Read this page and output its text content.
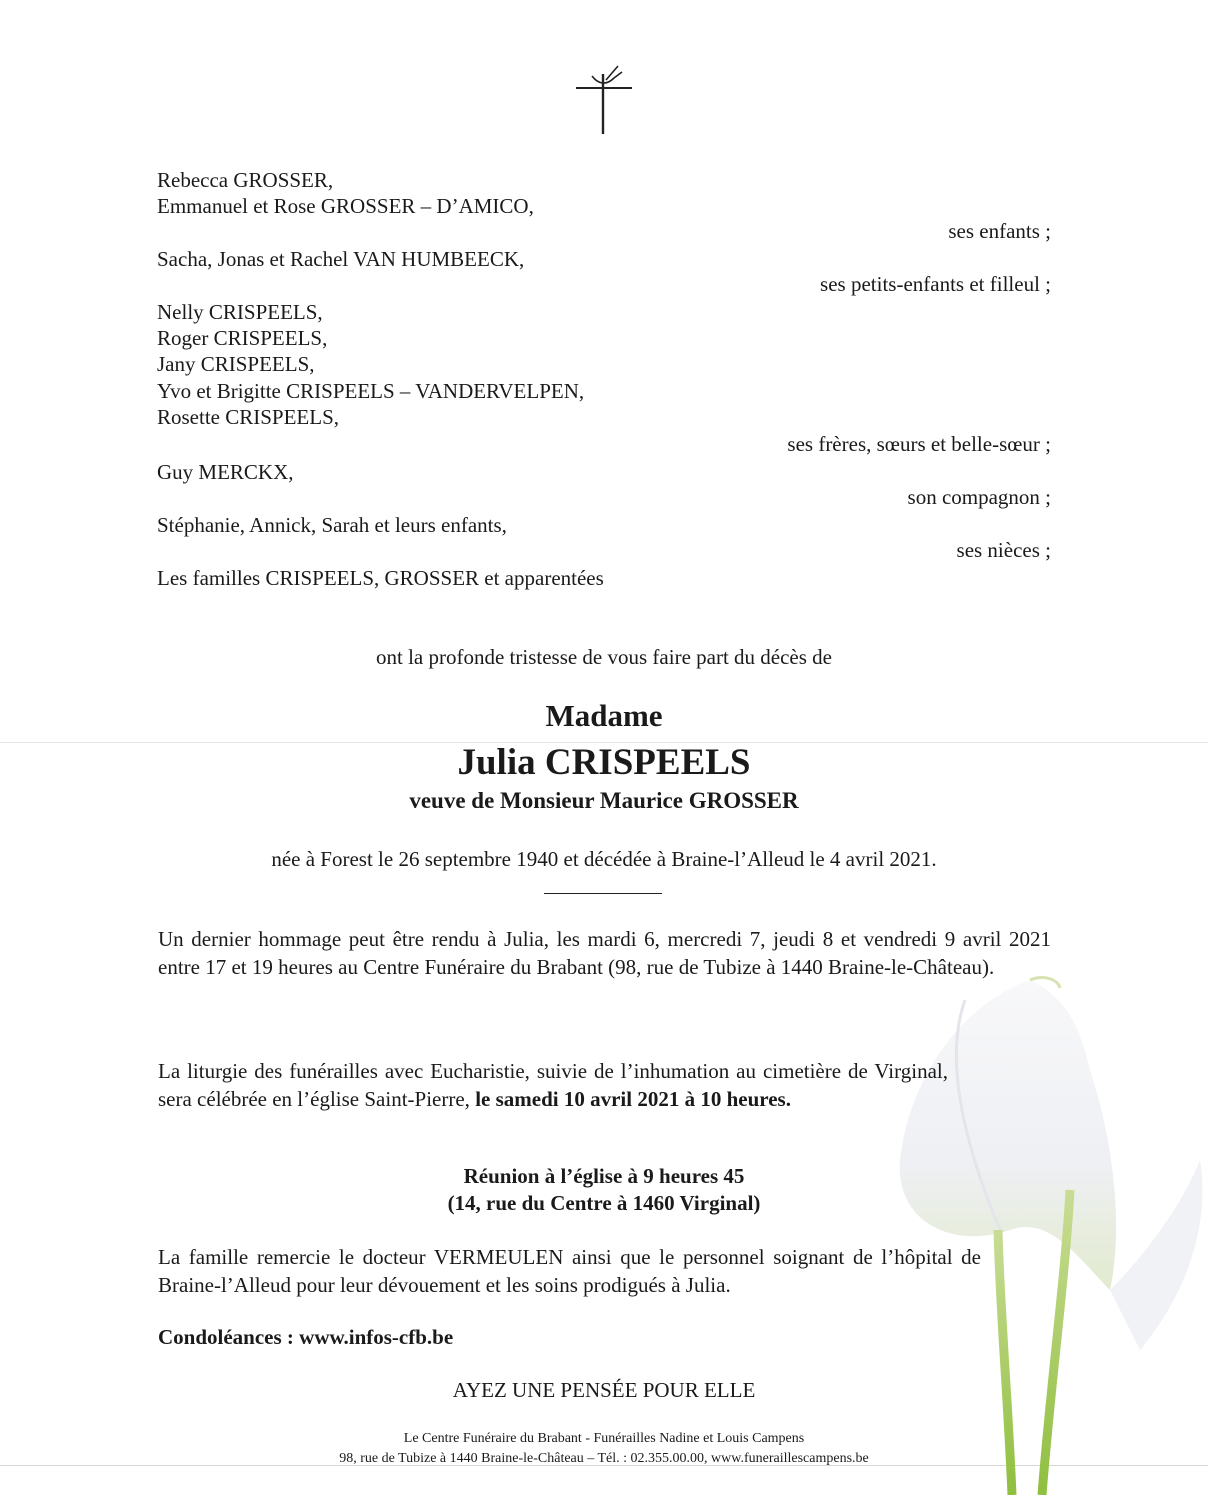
Rebecca GROSSER,
Emmanuel et Rose GROSSER – D’AMICO,
ses enfants ;
Sacha, Jonas et Rachel VAN HUMBEECK,
ses petits-enfants et filleul ;
Nelly CRISPEELS,
Roger CRISPEELS,
Jany CRISPEELS,
Yvo et Brigitte CRISPEELS – VANDERVELPEN,
Rosette CRISPEELS,
ses frères, sœurs et belle-sœur ;
Guy MERCKX,
son compagnon ;
Stéphanie, Annick, Sarah et leurs enfants,
ses nièces ;
Les familles CRISPEELS, GROSSER et apparentées
ont la profonde tristesse de vous faire part du décès de
Madame
Julia CRISPEELS
veuve de Monsieur Maurice GROSSER
née à Forest le 26 septembre 1940 et décédée à Braine-l’Alleud le 4 avril 2021.
Un dernier hommage peut être rendu à Julia, les mardi 6, mercredi 7, jeudi 8 et vendredi 9 avril 2021 entre 17 et 19 heures au Centre Funéraire du Brabant (98, rue de Tubize à 1440 Braine-le-Château).
La liturgie des funérailles avec Eucharistie, suivie de l’inhumation au cimetière de Virginal, sera célébrée en l’église Saint-Pierre, le samedi 10 avril 2021 à 10 heures.
Réunion à l’église à 9 heures 45
(14, rue du Centre à 1460 Virginal)
La famille remercie le docteur VERMEULEN ainsi que le personnel soignant de l’hôpital de Braine-l’Alleud pour leur dévouement et les soins prodigués à Julia.
Condoléances : www.infos-cfb.be
AYEZ UNE PENSÉE POUR ELLE
Le Centre Funéraire du Brabant - Funérailles Nadine et Louis Campens
98, rue de Tubize à 1440 Braine-le-Château – Tél. : 02.355.00.00, www.funeraillescampens.be
